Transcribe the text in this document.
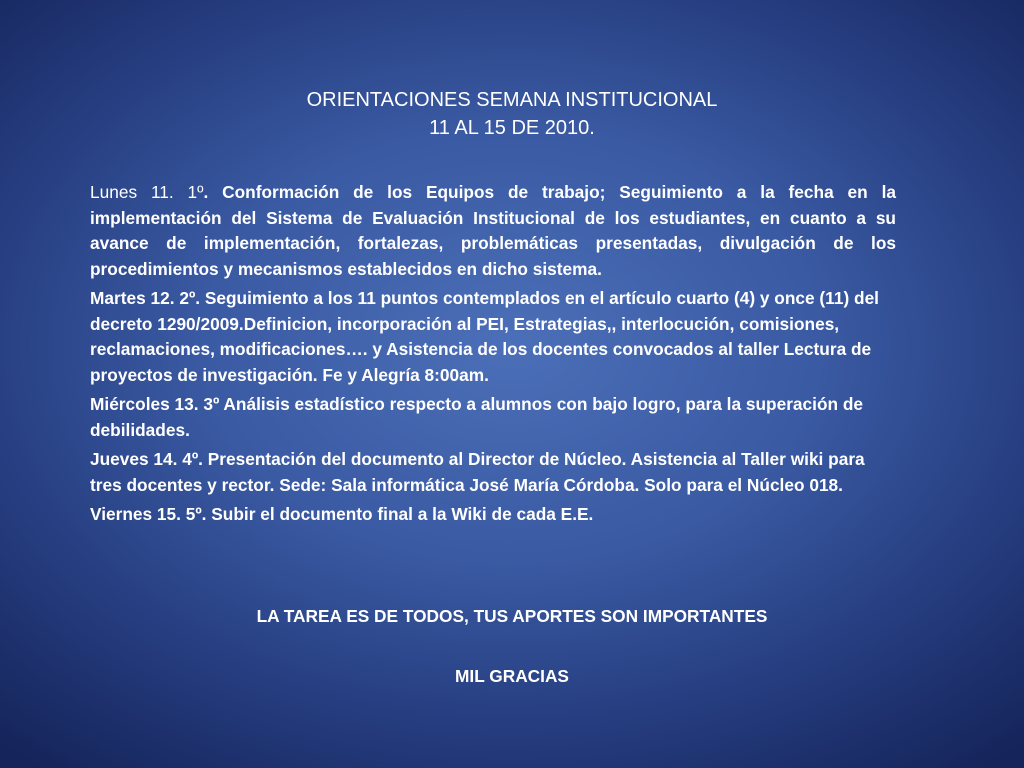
ORIENTACIONES SEMANA INSTITUCIONAL
11 AL 15 DE 2010.

Lunes 11. 1º. Conformación de los Equipos de trabajo; Seguimiento a la fecha en la implementación del Sistema de Evaluación Institucional de los estudiantes, en cuanto a su avance de implementación, fortalezas, problemáticas presentadas, divulgación de los procedimientos y mecanismos establecidos en dicho sistema.

Martes 12. 2º. Seguimiento a los 11 puntos contemplados en el artículo cuarto (4) y once (11) del decreto 1290/2009.Definicion, incorporación al PEI, Estrategias,, interlocución, comisiones, reclamaciones, modificaciones…. y Asistencia de los docentes convocados al taller Lectura de proyectos de investigación. Fe y Alegría 8:00am.

Miércoles 13. 3º Análisis estadístico respecto a alumnos con bajo logro, para la superación de debilidades.

Jueves 14. 4º. Presentación del documento al Director de Núcleo. Asistencia al Taller wiki para tres docentes y rector. Sede: Sala informática José María Córdoba. Solo para el Núcleo 018.

Viernes 15. 5º. Subir el documento final a la Wiki de cada E.E.

LA TAREA ES DE TODOS, TUS APORTES SON IMPORTANTES
MIL GRACIAS
